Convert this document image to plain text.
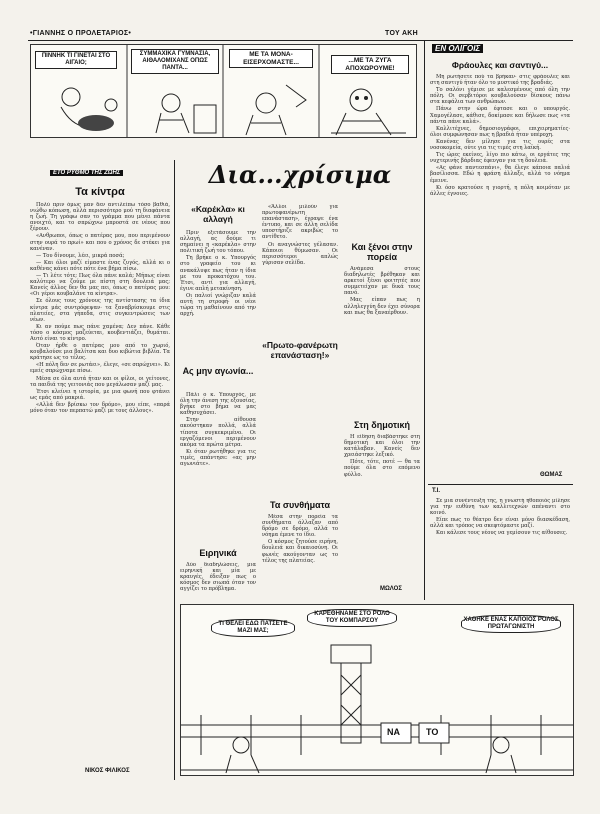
•ΓΙΑΝΝΗΣ Ο ΠΡΟΛΕΤΑΡΙΟΣ•	ΤΟΥ ΑΚΗ
ΠΙΝΝΗΚ ΤΙ ΓΙΝΕΤΑΙ ΣΤΟ ΑΙΓΑΙΟ;
ΣΥΜΜΑΧΙΚΑ ΓΥΜΝΑΣΙΑ, ΑΙΘΑΛΟΜΙΧΑΝΣ ΟΠΩΣ ΠΑΝΤΑ...
ΜΕ ΤΑ ΜΟΝΑ-ΕΙΣΕΡΧΟΜΑΣΤΕ...	...ΜΕ ΤΑ ΖΥΓΑ ΑΠΟΧΩΡΟΥΜΕ!
ΕΤΟ ΡΥΘΜΟ ΤΗΣ ΖΩΗΣ
Τα κίντρα

Πολύ πριν όμως μαν δεν αντιλείπω τόσο βαθιά, νιώθω κόπωση, αλλά περισσότερο μού τη διαφάνεια η ζωή. Τη γράφω σαν το γράμμα που μένει πάντα ανοιχτό, και το σπρώχνω μπροστά σε νέους που ξέρουν.

«Ανθρωποι, όπως ο πατέρας μου, που περιμένουν στην ουρά το πρωί» και που ο χρόνος δε στέκει για κανέναν.

— Του δίνουμε, λέει, μικρά ποσά;

— Και όλοι μαζί είμαστε ένας ζυγός, αλλά κι ο καθένας κάνει πότε πότε ένα βήμα πίσω.

— Τι λέτε τότε; Πως όλα πάνε καλά; Μήπως είναι καλύτερο να ζούμε με πίστη στη δουλειά μας; Κανείς άλλος δεν θα μας πει, όπως ο πατέρας μου: «Οι γέροι κουβαλάνε τα κίντρα».

Σε όλους τους χρόνους της αντίστασης τα ίδια κίντρα μάς συντρόφεψαν· τα ξαναβρίσκουμε στις πλατείες, στα γήπεδα, στις συγκεντρώσεις των νέων.

Κι αν πούμε πως πάνε χαμένα; Δεν πάνε. Κάθε τόσο ο κόσμος μαζεύεται, κουβεντιάζει, θυμάται. Αυτό είναι το κίντρο.

Όταν ήρθε ο πατέρας μου από το χωριό, κουβαλούσε μια βαλίτσα και δυο κιβώτια βιβλία. Τα κράτησε ως το τέλος.

«Η πόλη δεν σε ρωτάει», έλεγε, «σε σπρώχνει». Κι εμείς σπρώχναμε πίσω.

Μέσα σε όλα αυτά ήταν και οι φίλοι, οι γείτονες, τα παιδιά της γειτονιάς που μεγάλωσαν μαζί μας.

Έτσι κλείνει η ιστορία, με μια φωνή που φτάνει ως εμάς από μακριά.

«Αλλά δεν βρίσκω τον δρόμο», μου είπε, «παρά μόνο όταν τον περπατώ μαζί με τους άλλους».

ΝΙΚΟΣ ΦΙΛΙΚΟΣ
Δια...χρίσιμα
«Καρέκλα» κι αλλαγή

Πριν εξετάσουμε την αλλαγή, ας δούμε τι σημαίνει η «καρέκλα» στην πολιτική ζωή του τόπου.

Τη βρήκε ο κ. Υπουργός στο γραφείο του κι ανακάλυψε πως ήταν η ίδια με του προκατόχου του. Έτσι, αντί για αλλαγή, έγινε απλή μετακίνηση.

Οι παλιοί γνώριζαν καλά αυτή τη στροφή· οι νέοι τώρα τη μαθαίνουν από την αρχή.

Ας μην αγωνία...

Πάλι ο κ. Υπουργός, με όλη την άνεση της εξουσίας, βγήκε στο βήμα να μας καθησυχάσει.

Στην αίθουσα ακούστηκαν πολλά, αλλά τίποτα συγκεκριμένο. Οι εργαζόμενοι περιμένουν ακόμα τα πρώτα μέτρα.

Κι όταν ρωτήθηκε για τις τιμές, απάντησε: «ας μην αγωνιάτε».

Ειρηνικά

Δύο διαδηλώσεις, μια ειρηνική και μία με κραυγές, έδειξαν πως ο κόσμος δεν σιωπά όταν τον αγγίζει το πρόβλημα.

«Άλλοι μιλούν για πρωτοφανέρωτη επανάσταση», έγραψε ένα έντυπο, και σε άλλη σελίδα υποστήριζε ακριβώς το αντίθετο.

Οι αναγνώστες γέλασαν. Κάποιοι θύμωσαν. Οι περισσότεροι απλώς γύρισαν σελίδα.

Τα συνθήματα

Μέσα στην πορεία τα συνθήματα άλλαζαν από δρόμο σε δρόμο, αλλά το νόημα έμενε το ίδιο.

Ο κόσμος ζητούσε ειρήνη, δουλειά και δικαιοσύνη. Οι φωνές ακούγονταν ως το τέλος της πλατείας.

Και ξένοι στην πορεία

Ανάμεσα στους διαδηλωτές βρέθηκαν και αρκετοί ξένοι φοιτητές που συμμετείχαν με δικά τους πανό.

Μας είπαν πως η αλληλεγγύη δεν έχει σύνορα και πως θα ξαναέρθουν.

«Πρωτο-φανέρωτη επανάσταση!»
Στη δημοτική

Η είδηση διαβάστηκε στη δημοτική και όλοι την κατάλαβαν. Κανείς δεν χρειάστηκε λεξικό.

Πότε, τότε, ποτέ — θα τα πούμε όλα στο επόμενο φύλλο.

ΜΩΛΟΣ
ΕΝ ΟΛΙΓΟΙΣ
Φράουλες και σαντιγύ...

Μη ρωτήσετε πού τα βρήκαν· στις φράουλες και στη σαντιγύ ήταν όλο το μυστικό της βραδιάς.

Το σαλόνι γέμισε με καλεσμένους από όλη την πόλη. Οι σερβιτόροι κουβαλούσαν δίσκους πάνω στα κεφάλια των ανθρώπων.

Πάνω στην ώρα έφτασε και ο υπουργός. Χαμογέλασε, κάθισε, δοκίμασε και δήλωσε πως «τα πάντα πάνε καλά».

Καλλιτέχνες, δημοσιογράφοι, επιχειρηματίες· όλοι συμφώνησαν πως η βραδιά ήταν υπέροχη.

Κανένας δεν μίλησε για τις ουρές στα νοσοκομεία, ούτε για τις τιμές στη λαϊκή.

Τις ώρες εκείνες, λίγο πιο κάτω, οι εργάτες της νυχτερινής βάρδιας έφευγαν για τη δουλειά.

«Ας φάνε παντεσπάνι», θα έλεγε κάποια παλιά βασίλισσα. Εδώ η φράση άλλαξε, αλλά το νόημα έμεινε.

Κι όσο κρατούσε η γιορτή, η πόλη κοιμόταν με άλλες έγνοιες.

ΘΩΜΑΣ
Τ.Ι.

Σε μια συνέντευξη της, η γνωστή ηθοποιός μίλησε για την ευθύνη των καλλιτεχνών απέναντι στο κοινό.

Είπε πως το θέατρο δεν είναι μόνο διασκέδαση, αλλά και τρόπος να σκεφτόμαστε μαζί.

Και κάλεσε τους νέους να γεμίσουν τις αίθουσες.

ΤΙ ΘΕΛΕΙ ΕΔΩ ΠΑΤΣΕΤΕ ΜΑΖΙ ΜΑΣ;
ΚΑΡΕΘΗΝΑΜΕ ΣΤΟ ΡΟΛΟ ΤΟΥ ΚΟΜΠΑΡΣΟΥ	ΧΑΘΗΚΕ ΕΝΑΣ ΚΑΠΟΙΟΣ ΡΟΛΟΣ ΠΡΩΤΑΓΩΝΙΣΤΗ
ΝΑ	ΤΟ
